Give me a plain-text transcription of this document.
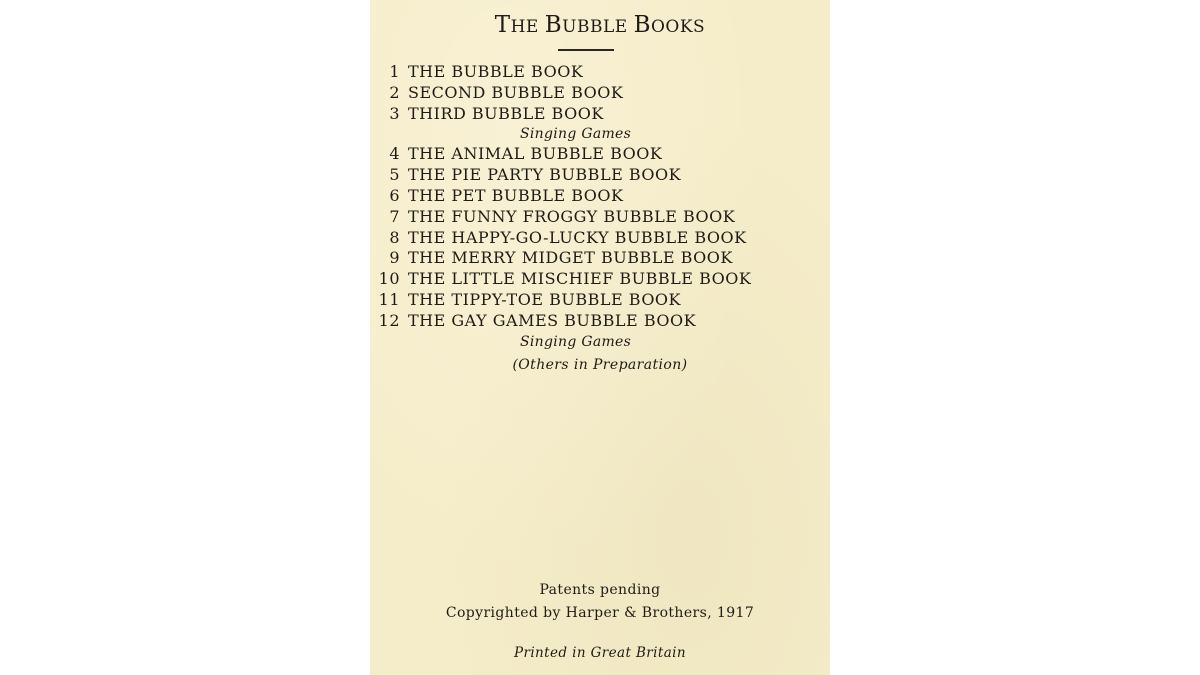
THE BUBBLE BOOKS
1 THE BUBBLE BOOK
2 SECOND BUBBLE BOOK
3 THIRD BUBBLE BOOK
Singing Games
4 THE ANIMAL BUBBLE BOOK
5 THE PIE PARTY BUBBLE BOOK
6 THE PET BUBBLE BOOK
7 THE FUNNY FROGGY BUBBLE BOOK
8 THE HAPPY-GO-LUCKY BUBBLE BOOK
9 THE MERRY MIDGET BUBBLE BOOK
10 THE LITTLE MISCHIEF BUBBLE BOOK
11 THE TIPPY-TOE BUBBLE BOOK
12 THE GAY GAMES BUBBLE BOOK
Singing Games
(Others in Preparation)
Patents pending
Copyrighted by Harper & Brothers, 1917
Printed in Great Britain
